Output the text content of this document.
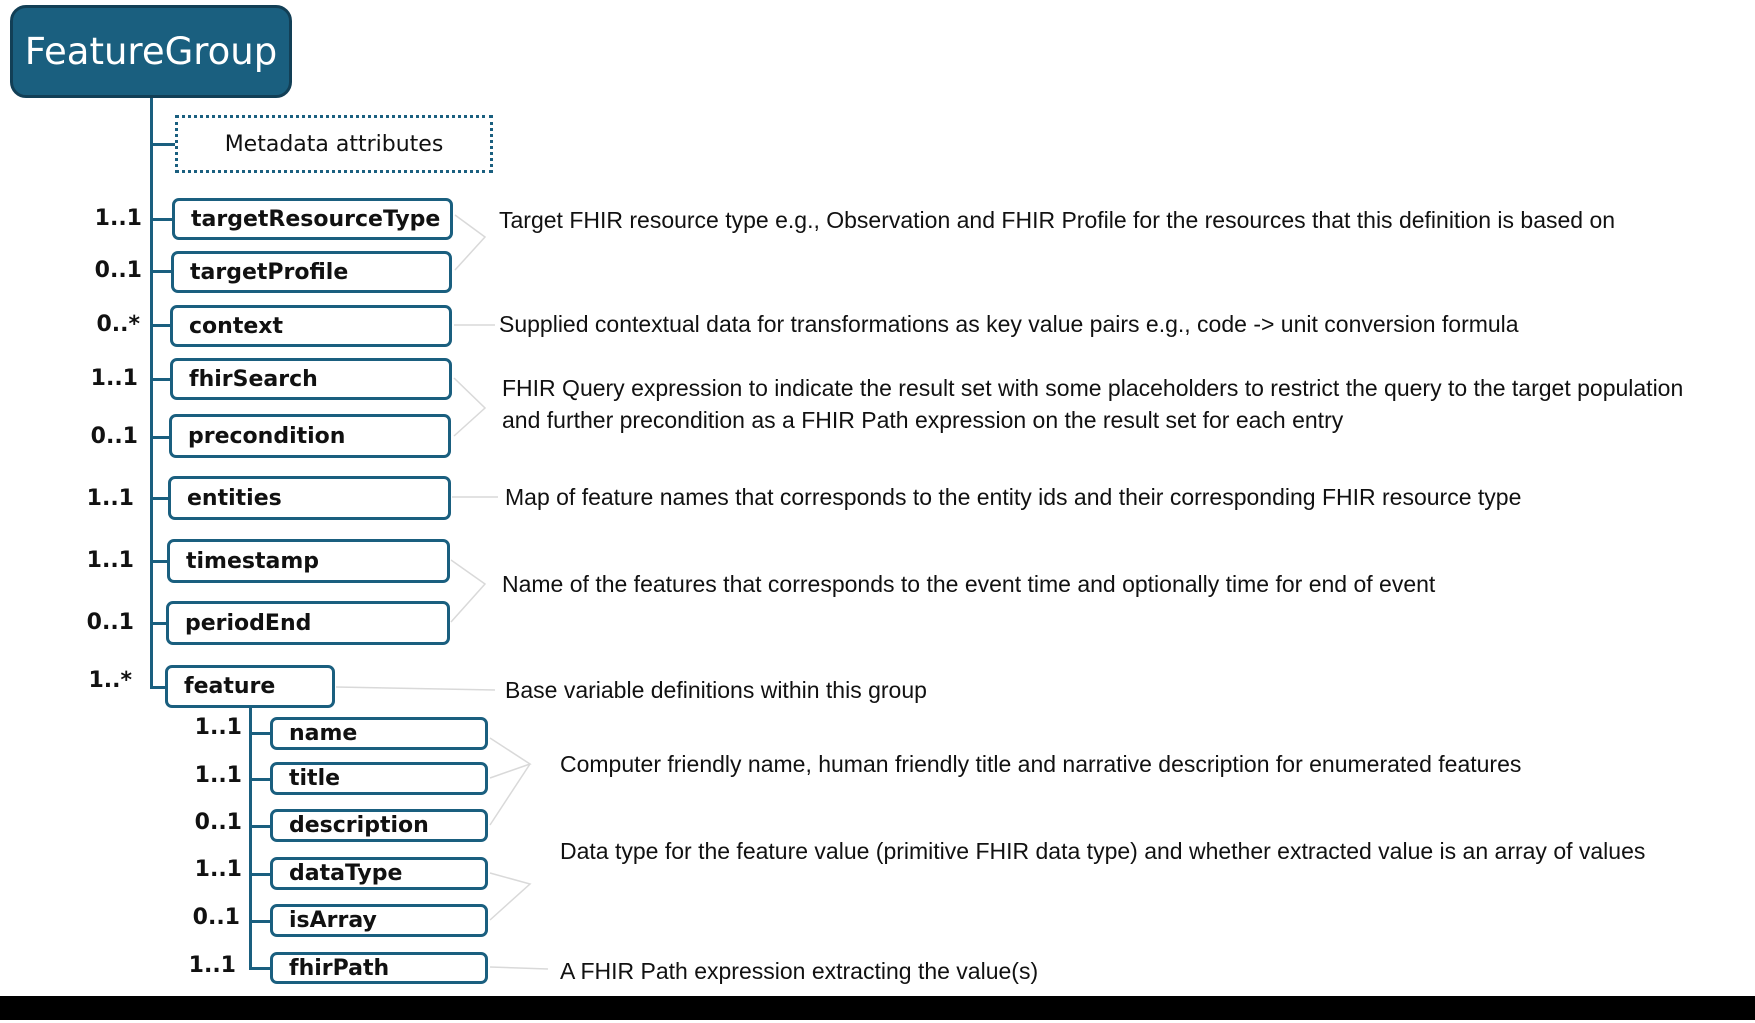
FeatureGroup
Metadata attributes
1..1	targetResourceType
0..1	targetProfile
0..*	context
1..1	fhirSearch
0..1	precondition
1..1	entities
1..1	timestamp
0..1	periodEnd
1..*	feature
1..1	name
1..1	title
0..1	description
1..1	dataType
0..1	isArray
1..1	fhirPath
Target FHIR resource type e.g., Observation and FHIR Profile for the resources that this definition is based on
Supplied contextual data for transformations as key value pairs e.g., code -> unit conversion formula
FHIR Query expression to indicate the result set with some placeholders to restrict the query to the target population and further precondition as a FHIR Path expression on the result set for each entry
Map of feature names that corresponds to the entity ids and their corresponding FHIR resource type
Name of the features that corresponds to the event time and optionally time for end of event
Base variable definitions within this group
Computer friendly name, human friendly title and narrative description for enumerated features
Data type for the feature value (primitive FHIR data type) and whether extracted value is an array of values
A FHIR Path expression extracting the value(s)
